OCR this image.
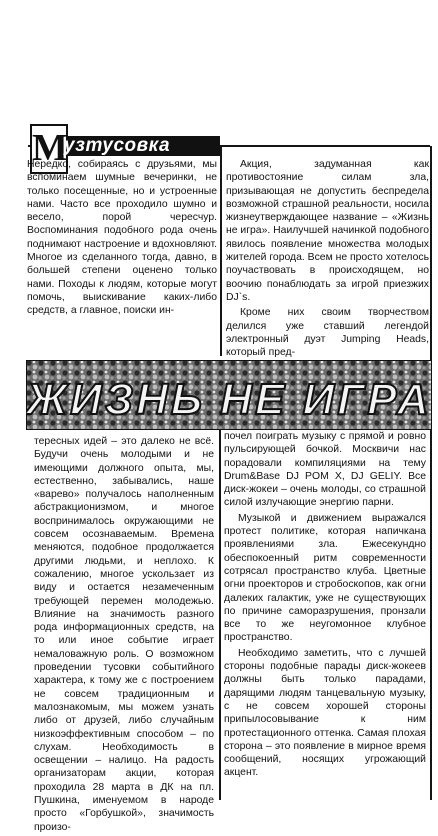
М
узтусовка

Нередко, собираясь с друзьями, мы вспоминаем шумные вечеринки, не только посещенные, но и устроенные нами. Часто все проходило шумно и весело, порой чересчур. Воспоминания подобного рода очень поднимают настроение и вдохновляют. Многое из сделанного тогда, давно, в большей степени оценено только нами. Походы к людям, которые могут помочь, выискивание каких-либо средств, а главное, поиски ин-

Акция, задуманная как противостояние силам зла, призывающая не допустить беспредела возможной страшной реальности, носила жизнеутверждающее название – «Жизнь не игра». Наилучшей начинкой подобного явилось появление множества молодых жителей города. Всем не просто хотелось поучаствовать в происходящем, но воочию понаблюдать за игрой приезжих DJ`s.

Кроме них своим творчеством делился уже ставший легендой электронный дуэт Jumping Heads, который пред-

ЖИЗНЬ НЕ ИГРА

тересных идей – это далеко не всё. Будучи очень молодыми и не имеющими должного опыта, мы, естественно, забывались, наше «варево» получалось наполненным абстракционизмом, и многое воспринималось окружающими не совсем осознаваемым. Времена меняются, подобное продолжается другими людьми, и неплохо. К сожалению, многое ускользает из виду и остается незамеченным требующей перемен молодежью. Влияние на значимость разного рода информационных средств, на то или иное событие играет немаловажную роль. О возможном проведении тусовки событийного характера, к тому же с построением не совсем традиционным и малознакомым, мы можем узнать либо от друзей, либо случайным низкоэффективным способом – по слухам. Необходимость в освещении – налицо. На радость организаторам акции, которая проходила 28 марта в ДК на пл. Пушкина, именуемом в народе просто «Горбушкой», значимость произо-

почел поиграть музыку с прямой и ровно пульсирующей бочкой. Москвичи нас порадовали компиляциями на тему Drum&Base DJ POM X, DJ GELIY. Все диск-жокеи – очень молоды, со страшной силой излучающие энергию парни.

Музыкой и движением выражался протест политике, которая напичкана проявлениями зла. Ежесекундно обеспокоенный ритм современности сотрясал пространство клуба. Цветные огни проекторов и стробоскопов, как огни далеких галактик, уже не существующих по причине саморазрушения, пронзали все то же неугомонное клубное пространство.

Необходимо заметить, что с лучшей стороны подобные парады диск-жокеев должны быть только парадами, дарящими людям танцевальную музыку, с не совсем хорошей стороны припылосовывание к ним протестационного оттенка. Самая плохая сторона – это появление в мирное время сообщений, носящих угрожающий акцент.
